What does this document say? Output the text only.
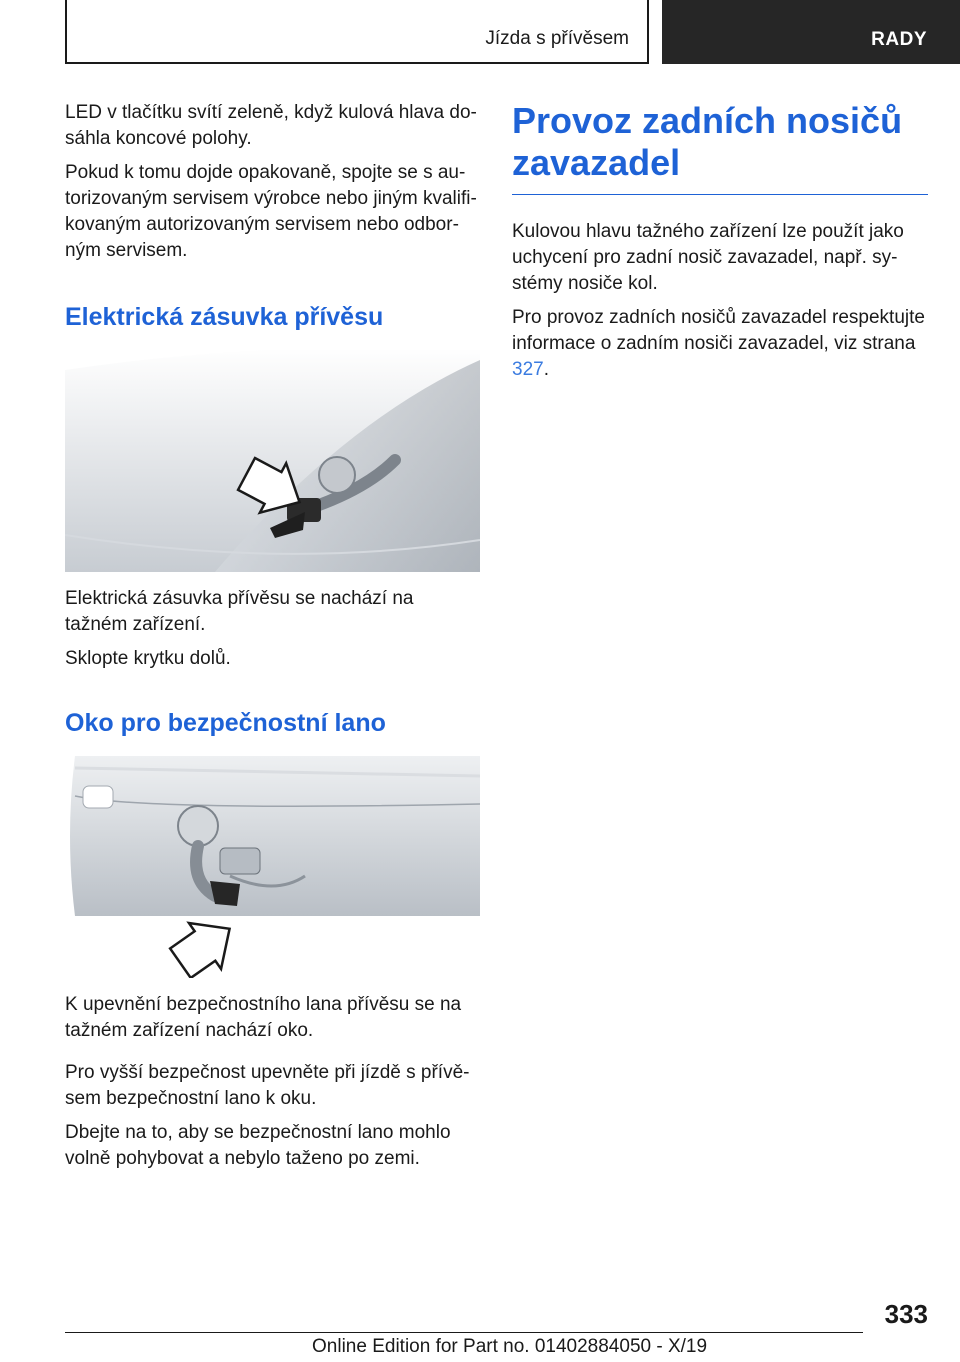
Jízda s přívěsem	RADY

LED v tlačítku svítí zeleně, když kulová hlava do-sáhla koncové polohy.

Pokud k tomu dojde opakovaně, spojte se s au-torizovaným servisem výrobce nebo jiným kvalifi-kovaným autorizovaným servisem nebo odbor-ným servisem.

Elektrická zásuvka přívěsu

Elektrická zásuvka přívěsu se nachází na tažném zařízení.

Sklopte krytku dolů.

Oko pro bezpečnostní lano

K upevnění bezpečnostního lana přívěsu se na tažném zařízení nachází oko.

Pro vyšší bezpečnost upevněte při jízdě s přívě-sem bezpečnostní lano k oku.

Dbejte na to, aby se bezpečnostní lano mohlo volně pohybovat a nebylo taženo po zemi.

Provoz zadních nosičů zavazadel

Kulovou hlavu tažného zařízení lze použít jako uchycení pro zadní nosič zavazadel, např. sy-stémy nosiče kol.

Pro provoz zadních nosičů zavazadel respektujte informace o zadním nosiči zavazadel, viz strana 327.

333
Online Edition for Part no. 01402884050 - X/19
